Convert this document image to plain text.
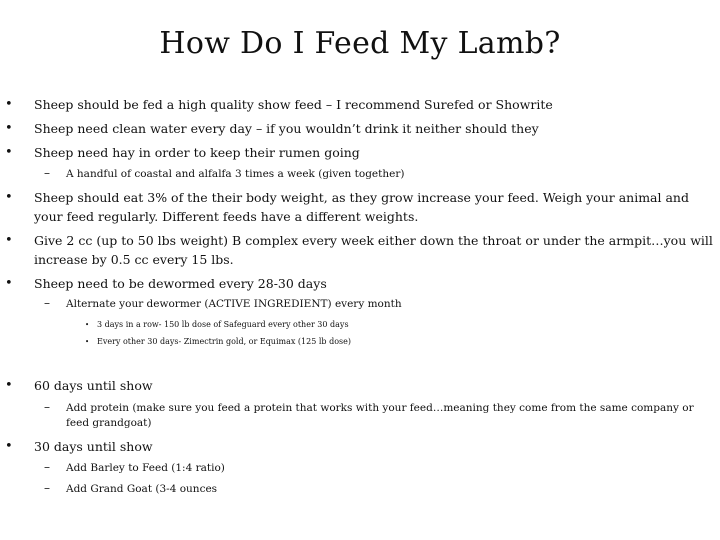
How Do I Feed My Lamb?
• Sheep should be fed a high quality show feed – I recommend Surefed or Showrite
• Sheep need clean water every day – if you wouldn’t drink it neither should they
• Sheep need hay in order to keep their rumen going
– A handful of coastal and alfalfa 3 times a week (given together)
• Sheep should eat 3% of the their body weight, as they grow increase your feed. Weigh your animal and your feed regularly. Different feeds have a different weights.
• Give 2 cc (up to 50 lbs weight) B complex every week either down the throat or under the armpit…you will increase by 0.5 cc every 15 lbs.
• Sheep need to be dewormed every 28-30 days
– Alternate your dewormer (ACTIVE INGREDIENT) every month
• 3 days in a row- 150 lb dose of Safeguard every other 30 days
• Every other 30 days- Zimectrin gold, or Equimax (125 lb dose)
• 60 days until show
– Add protein (make sure you feed a protein that works with your feed…meaning they come from the same company or feed grandgoat)
• 30 days until show
– Add Barley to Feed (1:4 ratio)
– Add Grand Goat (3-4 ounces
